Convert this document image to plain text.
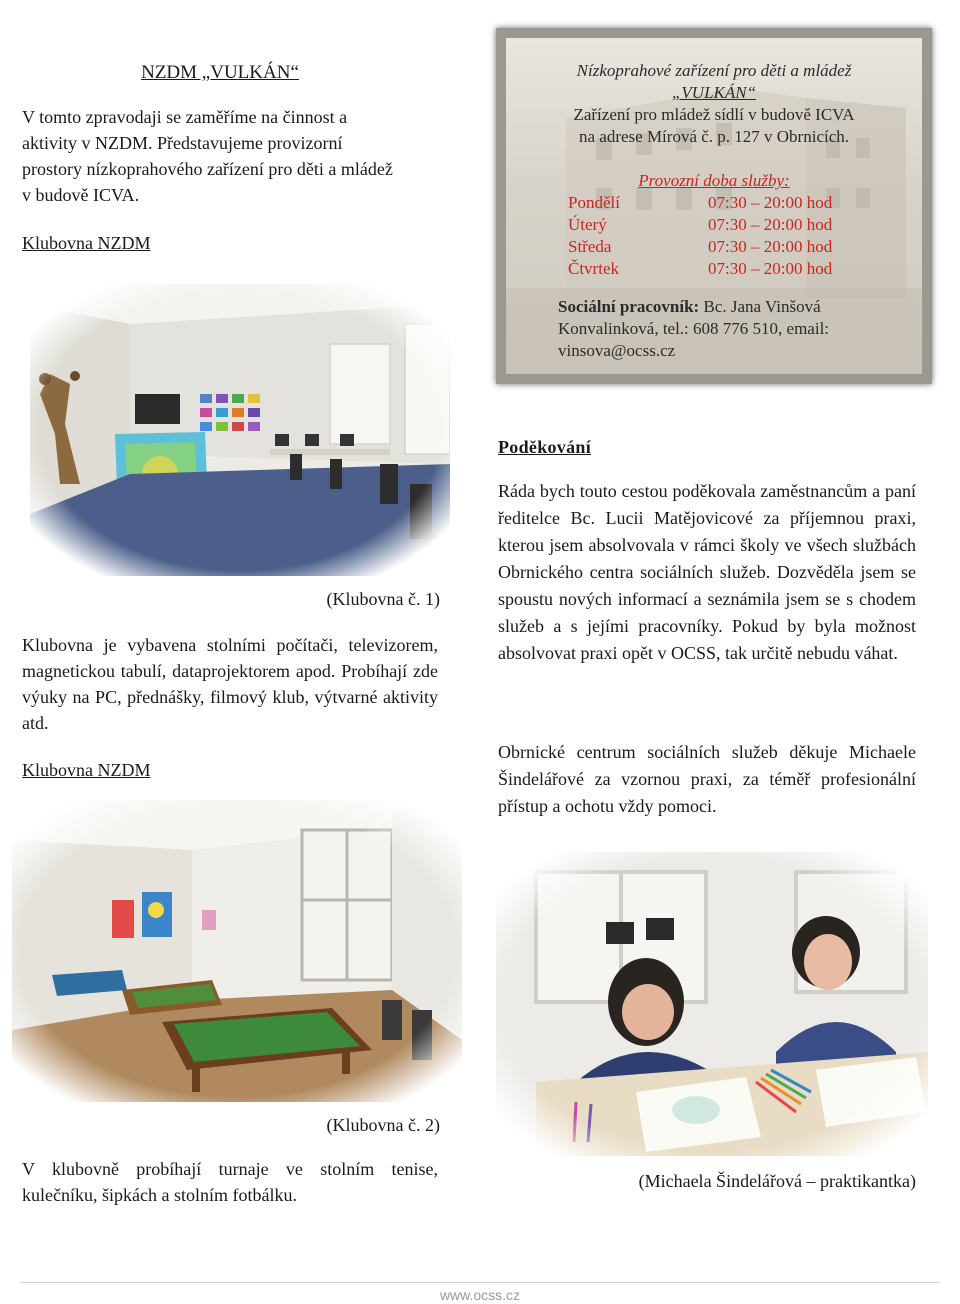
NZDM „VULKÁN“
V tomto zpravodaji se zaměříme na činnost a aktivity v NZDM. Představujeme provizorní prostory nízkoprahového zařízení pro děti a mládež v budově ICVA.
Klubovna NZDM
(Klubovna č. 1)
Klubovna je vybavena stolními počítači, televizorem, magnetickou tabulí, dataprojektorem apod. Probíhají zde výuky na PC, přednášky, filmový klub, výtvarné aktivity atd.
Klubovna NZDM
(Klubovna č. 2)
V klubovně probíhají turnaje ve stolním tenise, kulečníku, šipkách a stolním fotbálku.
Nízkoprahové zařízení pro děti a mládež
„VULKÁN“
Zařízení pro mládež sídlí v budově ICVA
na adrese Mírová č. p. 127 v Obrnicích.
Provozní doba služby:
Pondělí	07:30 – 20:00 hod
Úterý	07:30 – 20:00 hod
Středa	07:30 – 20:00 hod
Čtvrtek	07:30 – 20:00 hod
Sociální pracovník: Bc. Jana Vinšová
Konvalinková, tel.: 608 776 510, email:
vinsova@ocss.cz
Poděkování
Ráda bych touto cestou poděkovala zaměstnancům a paní ředitelce Bc. Lucii Matějovicové za příjemnou praxi, kterou jsem absolvovala v rámci školy ve všech službách Obrnického centra sociálních služeb. Dozvěděla jsem se spoustu nových informací a seznámila jsem se s chodem služeb a s jejími pracovníky. Pokud by byla možnost absolvovat praxi opět v OCSS, tak určitě nebudu váhat.
Obrnické centrum sociálních služeb děkuje Michaele Šindelářové za vzornou praxi, za téměř profesionální přístup a ochotu vždy pomoci.
(Michaela Šindelářová – praktikantka)
www.ocss.cz
